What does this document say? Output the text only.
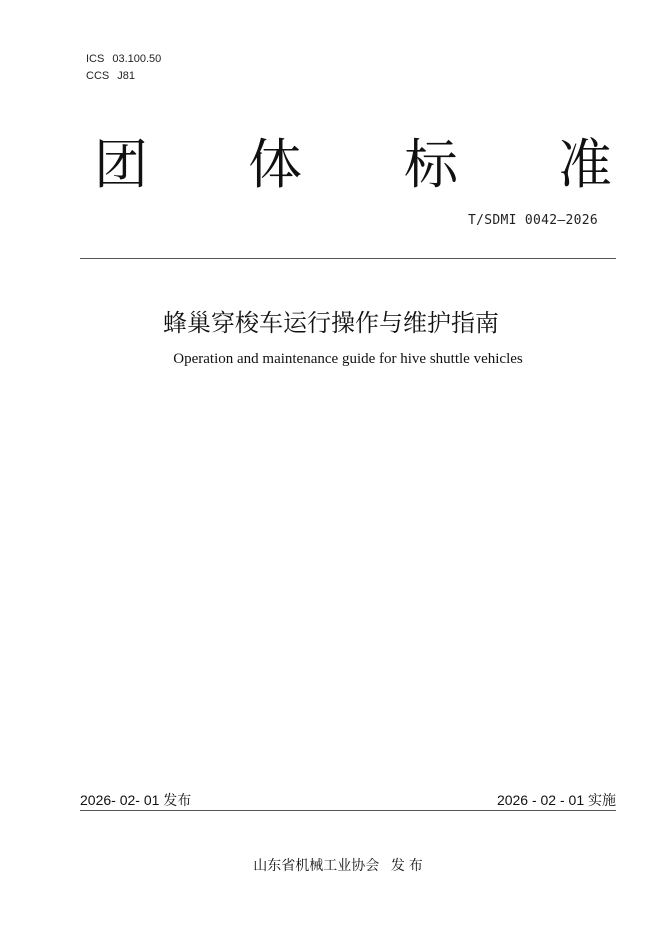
ICS 03.100.50
CCS J81
团 体 标 准
T/SDMI 0042—2026
蜂巢穿梭车运行操作与维护指南
Operation and maintenance guide for hive shuttle vehicles
2026- 02- 01 发布	2026 - 02 - 01 实施
山东省机械工业协会   发 布
